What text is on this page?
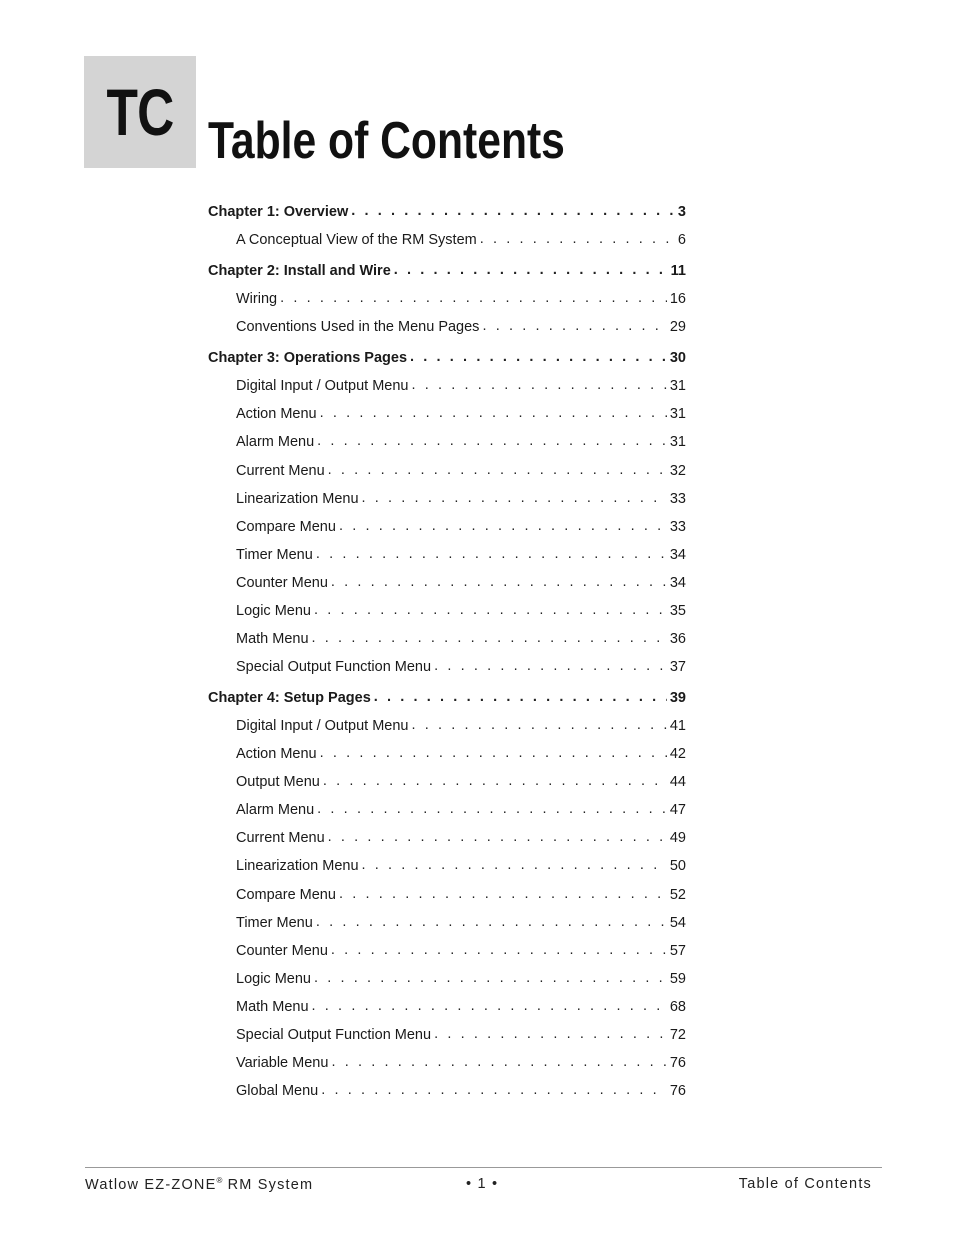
TC Table of Contents
Chapter 1: Overview . . .	3
A Conceptual View of the RM System . . .	6
Chapter 2: Install and Wire . . .	11
Wiring . . .	16
Conventions Used in the Menu Pages . . .	29
Chapter 3: Operations Pages . . .	30
Digital Input / Output Menu . . .	31
Action Menu . . .	31
Alarm Menu . . .	31
Current Menu . . .	32
Linearization Menu . . .	33
Compare Menu . . .	33
Timer Menu . . .	34
Counter Menu . . .	34
Logic Menu . . .	35
Math Menu . . .	36
Special Output Function Menu . . .	37
Chapter 4: Setup Pages . . .	39
Digital Input / Output Menu . . .	41
Action Menu . . .	42
Output Menu . . .	44
Alarm Menu . . .	47
Current Menu . . .	49
Linearization Menu . . .	50
Compare Menu . . .	52
Timer Menu . . .	54
Counter Menu . . .	57
Logic Menu . . .	59
Math Menu . . .	68
Special Output Function Menu . . .	72
Variable Menu . . .	76
Global Menu . . .	76
Watlow EZ-ZONE® RM System	• 1 •	Table of Contents
